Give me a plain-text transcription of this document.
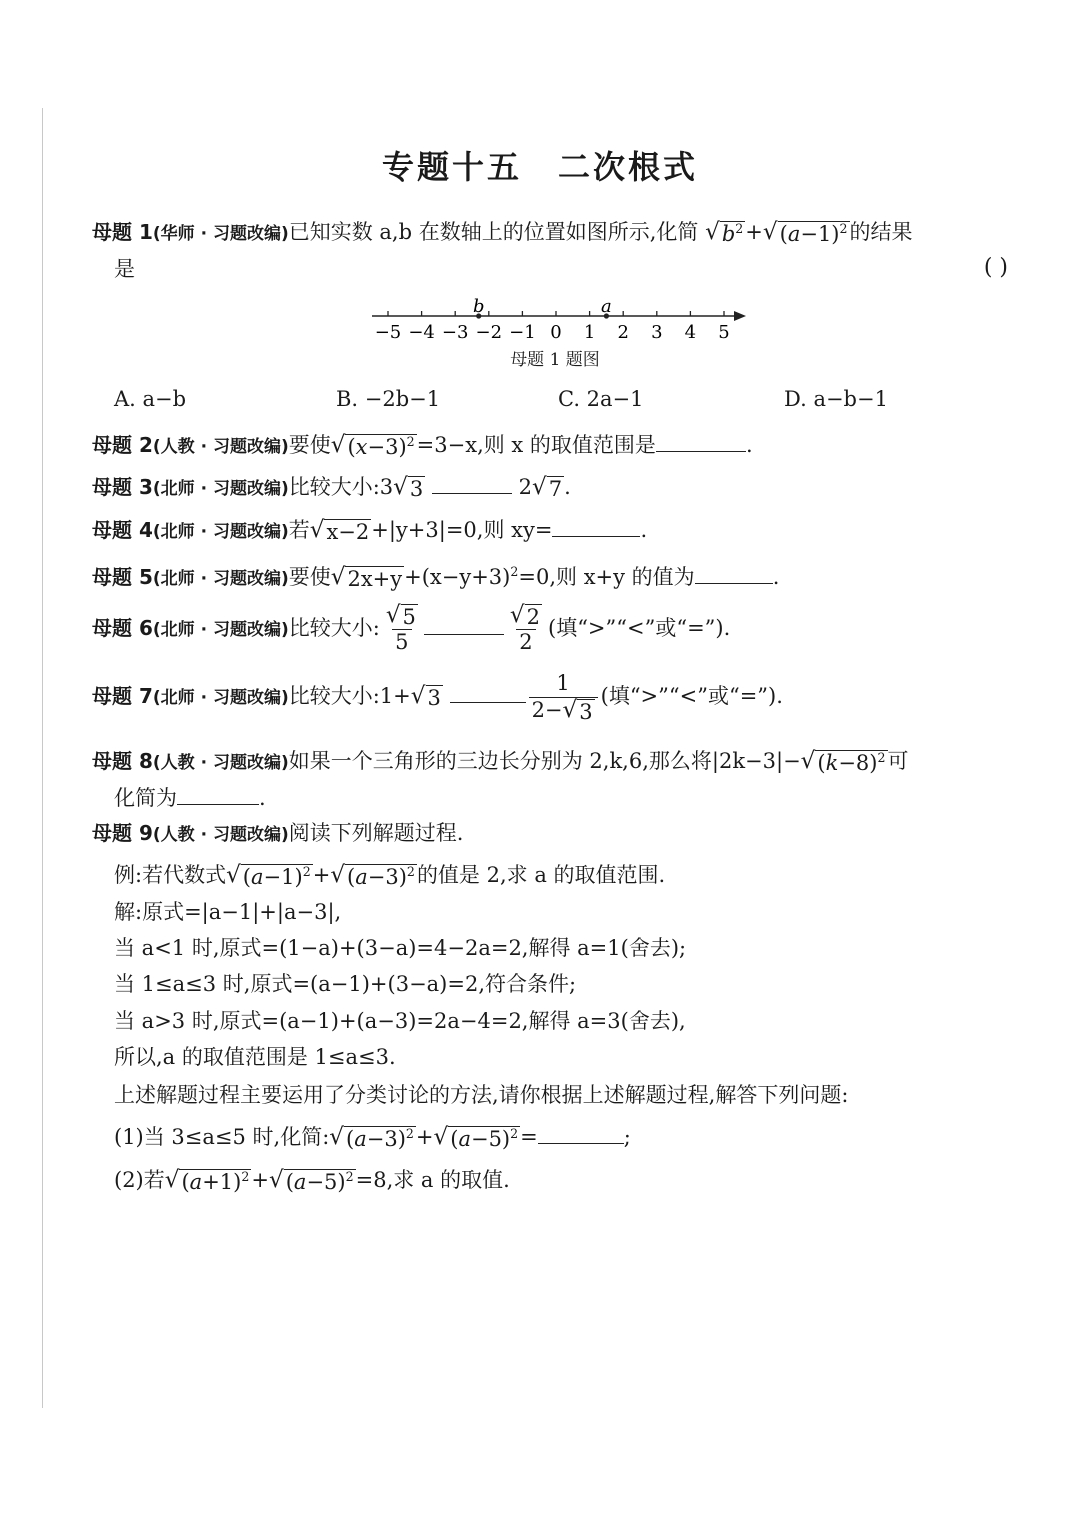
专题十五 二次根式
母题 1(华师 · 习题改编)已知实数 a,b 在数轴上的位置如图所示,化简 √ $b^2$ + √ $(a-1)^2$ 的结果
是	( )
−5 −4 −3 −2 −1 0 1 2 3 4 5
b	a
母题 1 题图
A. a−b	B. −2b−1	C. 2a−1	D. a−b−1
母题 2(人教 · 习题改编)要使 √ $(x-3)^2 =3-x$,则 x 的取值范围是	.
母题 3(北师 · 习题改编)比较大小:3 √ 3	2 √ 7 .
母题 4(北师 · 习题改编)若 √ x−2 +|y+3|=0,则 xy=	.
母题 5(北师 · 习题改编)要使 √ $2x+y +(x-y+3)^2=0$,则 x+y 的值为	.
母题 6(北师 · 习题改编)比较大小: $\frac{√ 5}{5}$	$\frac{√ 2}{2}$ (填“>”“<”或“=”).
母题 7(北师 · 习题改编)比较大小:1+ √ 3
	$\frac{1}{2- √ 3}$ (填“>”“<”或“=”).
母题 8(人教 · 习题改编)如果一个三角形的三边长分别为 2,k,6,那么将|2k−3|− √ $(k-8)^2$ 可
化简为	.
母题 9(人教 · 习题改编)阅读下列解题过程.
例:若代数式 √ $(a-1)^2$ + √ $(a-3)^2$ 的值是 2,求 a 的取值范围.
解:原式=|a−1|+|a−3|,
当 a<1 时,原式=(1−a)+(3−a)=4−2a=2,解得 a=1(舍去);
当 1≤a≤3 时,原式=(a−1)+(3−a)=2,符合条件;
当 a>3 时,原式=(a−1)+(a−3)=2a−4=2,解得 a=3(舍去),
所以,a 的取值范围是 1≤a≤3.
上述解题过程主要运用了分类讨论的方法,请你根据上述解题过程,解答下列问题:
(1)当 3≤a≤5 时,化简: √ $(a-3)^2$ + √ $(a-5)^2$ =	;
(2)若 √ $(a+1)^2$ + √ $(a-5)^2 =8$,求 a 的取值.
